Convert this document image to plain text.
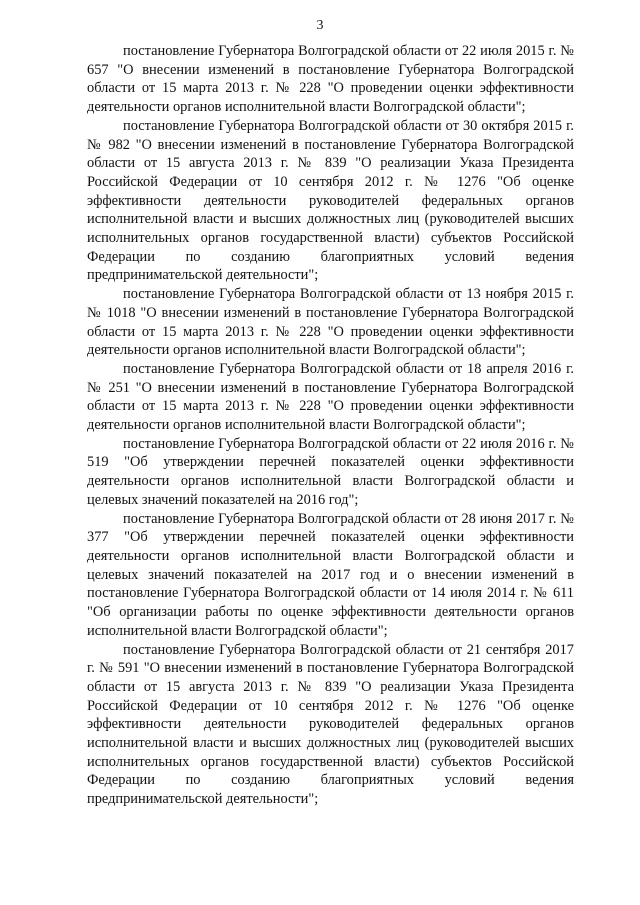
3

постановление Губернатора Волгоградской области от 22 июля 2015 г. № 657 "О внесении изменений в постановление Губернатора Волгоградской области от 15 марта 2013 г. № 228 "О проведении оценки эффективности деятельности органов исполнительной власти Волгоградской области";

постановление Губернатора Волгоградской области от 30 октября 2015 г. № 982 "О внесении изменений в постановление Губернатора Волгоградской области от 15 августа 2013 г. № 839 "О реализации Указа Президента Российской Федерации от 10 сентября 2012 г. № 1276 "Об оценке эффективности деятельности руководителей федеральных органов исполнительной власти и высших должностных лиц (руководителей высших исполнительных органов государственной власти) субъектов Российской Федерации по созданию благоприятных условий ведения предпринимательской деятельности";

постановление Губернатора Волгоградской области от 13 ноября 2015 г. № 1018 "О внесении изменений в постановление Губернатора Волгоградской области от 15 марта 2013 г. № 228 "О проведении оценки эффективности деятельности органов исполнительной власти Волгоградской области";

постановление Губернатора Волгоградской области от 18 апреля 2016 г. № 251 "О внесении изменений в постановление Губернатора Волгоградской области от 15 марта 2013 г. № 228 "О проведении оценки эффективности деятельности органов исполнительной власти Волгоградской области";

постановление Губернатора Волгоградской области от 22 июля 2016 г. № 519 "Об утверждении перечней показателей оценки эффективности деятельности органов исполнительной власти Волгоградской области и целевых значений показателей на 2016 год";

постановление Губернатора Волгоградской области от 28 июня 2017 г. № 377 "Об утверждении перечней показателей оценки эффективности деятельности органов исполнительной власти Волгоградской области и целевых значений показателей на 2017 год и о внесении изменений в постановление Губернатора Волгоградской области от 14 июля 2014 г. № 611 "Об организации работы по оценке эффективности деятельности органов исполнительной власти Волгоградской области";

постановление Губернатора Волгоградской области от 21 сентября 2017 г. № 591 "О внесении изменений в постановление Губернатора Волгоградской области от 15 августа 2013 г. № 839 "О реализации Указа Президента Российской Федерации от 10 сентября 2012 г. № 1276 "Об оценке эффективности деятельности руководителей федеральных органов исполнительной власти и высших должностных лиц (руководителей высших исполнительных органов государственной власти) субъектов Российской Федерации по созданию благоприятных условий ведения предпринимательской деятельности";
